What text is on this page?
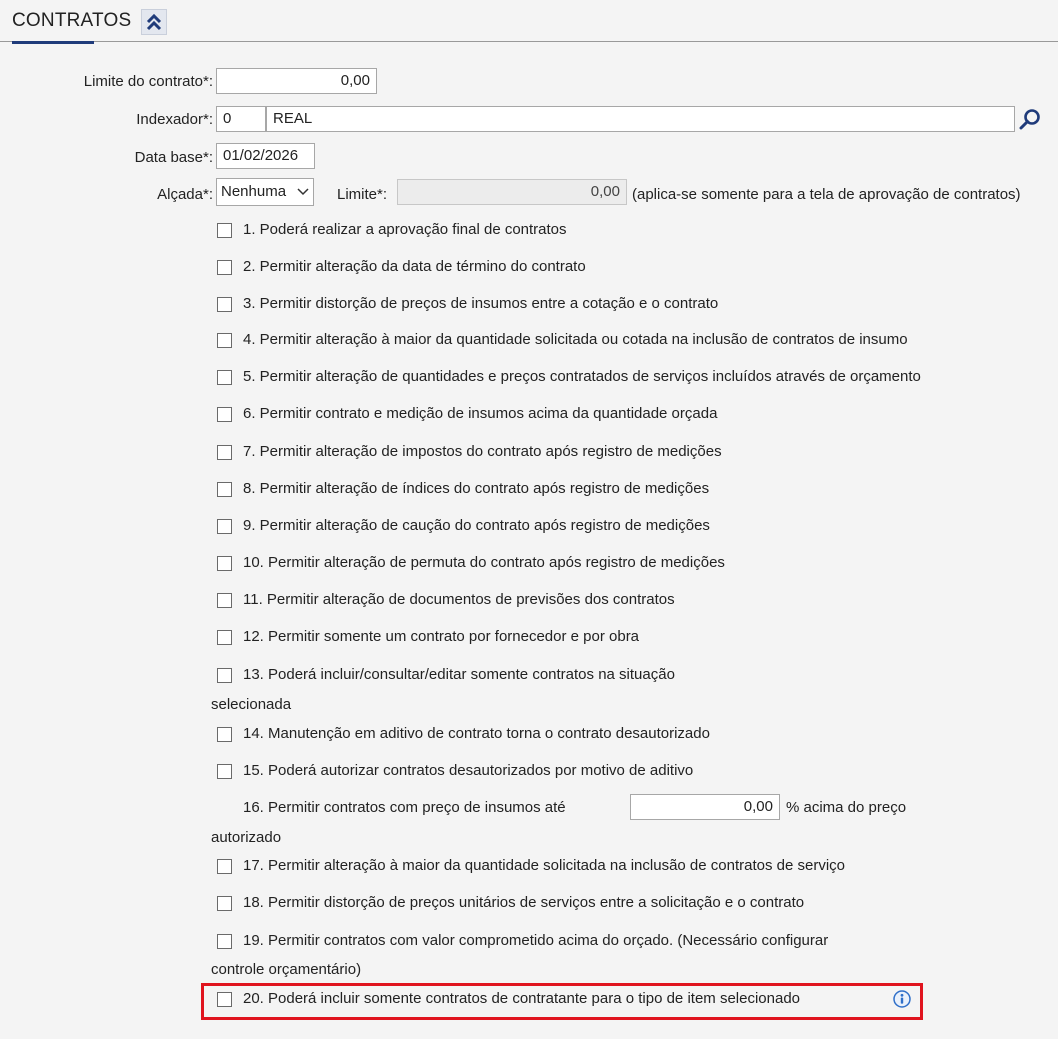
CONTRATOS
Limite do contrato*:	0,00
Indexador*: 0	REAL
Data base*: 01/02/2026
Alçada*: Nenhuma	Limite*:	0,00 (aplica-se somente para a tela de aprovação de contratos)
1. Poderá realizar a aprovação final de contratos
2. Permitir alteração da data de término do contrato
3. Permitir distorção de preços de insumos entre a cotação e o contrato
4. Permitir alteração à maior da quantidade solicitada ou cotada na inclusão de contratos de insumo
5. Permitir alteração de quantidades e preços contratados de serviços incluídos através de orçamento
6. Permitir contrato e medição de insumos acima da quantidade orçada
7. Permitir alteração de impostos do contrato após registro de medições
8. Permitir alteração de índices do contrato após registro de medições
9. Permitir alteração de caução do contrato após registro de medições
10. Permitir alteração de permuta do contrato após registro de medições
11. Permitir alteração de documentos de previsões dos contratos
12. Permitir somente um contrato por fornecedor e por obra
13. Poderá incluir/consultar/editar somente contratos na situação
selecionada
14. Manutenção em aditivo de contrato torna o contrato desautorizado
15. Poderá autorizar contratos desautorizados por motivo de aditivo
16. Permitir contratos com preço de insumos até	0,00 % acima do preço
autorizado
17. Permitir alteração à maior da quantidade solicitada na inclusão de contratos de serviço
18. Permitir distorção de preços unitários de serviços entre a solicitação e o contrato
19. Permitir contratos com valor comprometido acima do orçado. (Necessário configurar
controle orçamentário)
20. Poderá incluir somente contratos de contratante para o tipo de item selecionado
